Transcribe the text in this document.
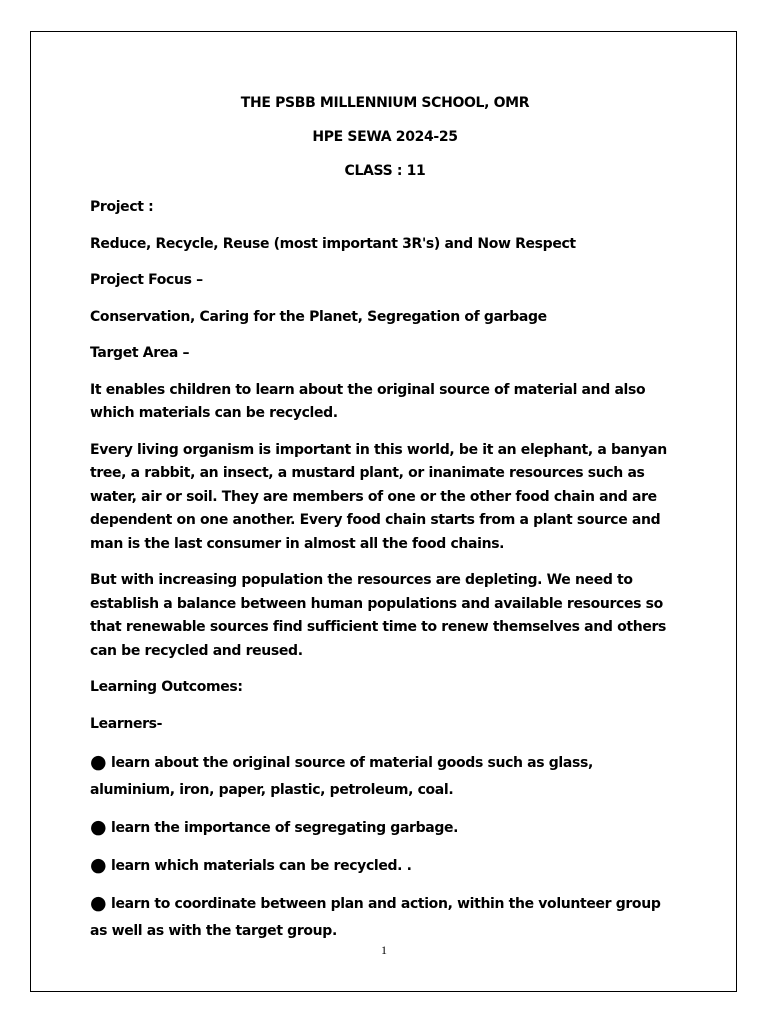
THE PSBB MILLENNIUM SCHOOL, OMR
HPE SEWA 2024-25
CLASS : 11
Project :
Reduce, Recycle, Reuse (most important 3R's) and Now Respect
Project Focus –
Conservation, Caring for the Planet, Segregation of garbage
Target Area –
It enables children to learn about the original source of material and also which materials can be recycled.
Every living organism is important in this world, be it an elephant, a banyan tree, a rabbit, an insect, a mustard plant, or inanimate resources such as water, air or soil. They are members of one or the other food chain and are dependent on one another. Every food chain starts from a plant source and man is the last consumer in almost all the food chains.
But with increasing population the resources are depleting. We need to establish a balance between human populations and available resources so that renewable sources find sufficient time to renew themselves and others can be recycled and reused.
Learning Outcomes:
Learners-
● learn about the original source of material goods such as glass, aluminium, iron, paper, plastic, petroleum, coal.
● learn the importance of segregating garbage.
● learn which materials can be recycled. .
● learn to coordinate between plan and action, within the volunteer group as well as with the target group.
1
